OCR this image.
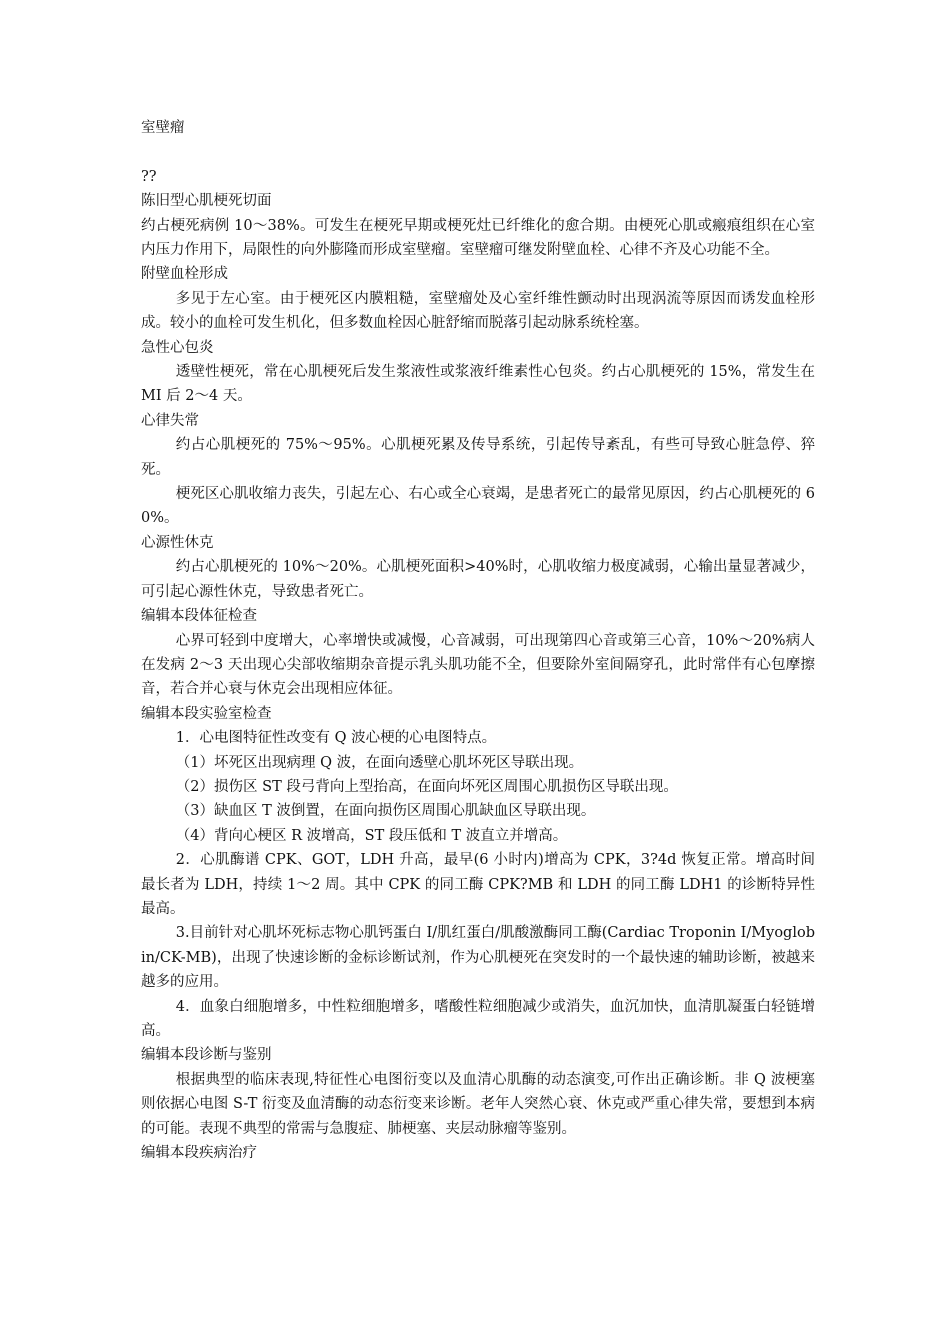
室壁瘤

??

陈旧型心肌梗死切面

约占梗死病例 10～38%。可发生在梗死早期或梗死灶已纤维化的愈合期。由梗死心肌或瘢痕组织在心室内压力作用下，局限性的向外膨隆而形成室壁瘤。室壁瘤可继发附壁血栓、心律不齐及心功能不全。

附壁血栓形成

多见于左心室。由于梗死区内膜粗糙，室壁瘤处及心室纤维性颤动时出现涡流等原因而诱发血栓形成。较小的血栓可发生机化，但多数血栓因心脏舒缩而脱落引起动脉系统栓塞。

急性心包炎

透壁性梗死，常在心肌梗死后发生浆液性或浆液纤维素性心包炎。约占心肌梗死的 15%，常发生在 MI 后 2～4 天。

心律失常

约占心肌梗死的 75%～95%。心肌梗死累及传导系统，引起传导紊乱，有些可导致心脏急停、猝死。

梗死区心肌收缩力丧失，引起左心、右心或全心衰竭，是患者死亡的最常见原因，约占心肌梗死的 60%。

心源性休克

约占心肌梗死的 10%～20%。心肌梗死面积>40%时，心肌收缩力极度减弱，心输出量显著减少，可引起心源性休克，导致患者死亡。

编辑本段体征检查

心界可轻到中度增大，心率增快或减慢，心音减弱，可出现第四心音或第三心音，10%～20%病人在发病 2～3 天出现心尖部收缩期杂音提示乳头肌功能不全，但要除外室间隔穿孔，此时常伴有心包摩擦音，若合并心衰与休克会出现相应体征。

编辑本段实验室检查

1．心电图特征性改变有 Q 波心梗的心电图特点。

（1）坏死区出现病理 Q 波，在面向透壁心肌坏死区导联出现。

（2）损伤区 ST 段弓背向上型抬高，在面向坏死区周围心肌损伤区导联出现。

（3）缺血区 T 波倒置，在面向损伤区周围心肌缺血区导联出现。

（4）背向心梗区 R 波增高，ST 段压低和 T 波直立并增高。

2．心肌酶谱 CPK、GOT，LDH 升高，最早(6 小时内)增高为 CPK，3?4d 恢复正常。增高时间最长者为 LDH，持续 1～2 周。其中 CPK 的同工酶 CPK?MB 和 LDH 的同工酶 LDH1 的诊断特异性最高。

3.目前针对心肌坏死标志物心肌钙蛋白 I/肌红蛋白/肌酸激酶同工酶(Cardiac Troponin I/Myoglobin/CK-MB)，出现了快速诊断的金标诊断试剂，作为心肌梗死在突发时的一个最快速的辅助诊断，被越来越多的应用。

4．血象白细胞增多，中性粒细胞增多，嗜酸性粒细胞减少或消失，血沉加快，血清肌凝蛋白轻链增高。

编辑本段诊断与鉴别

根据典型的临床表现,特征性心电图衍变以及血清心肌酶的动态演变,可作出正确诊断。非 Q 波梗塞则依据心电图 S-T 衍变及血清酶的动态衍变来诊断。老年人突然心衰、休克或严重心律失常，要想到本病的可能。表现不典型的常需与急腹症、肺梗塞、夹层动脉瘤等鉴别。

编辑本段疾病治疗
